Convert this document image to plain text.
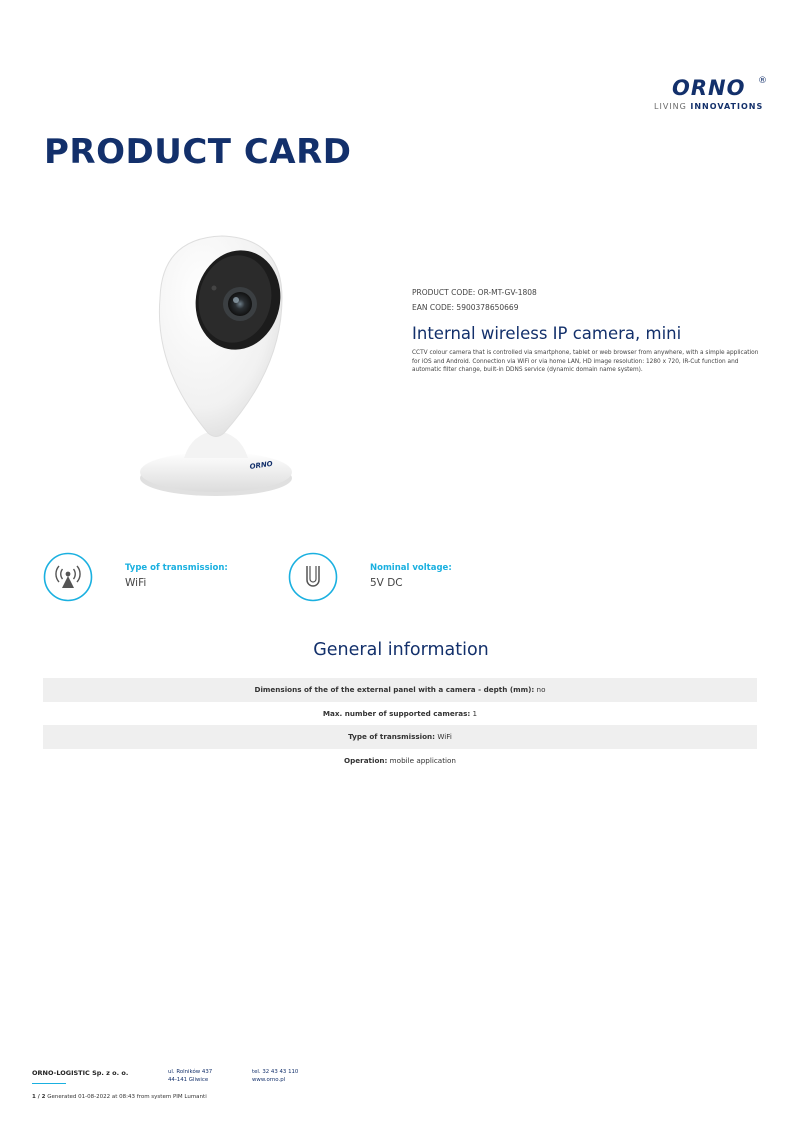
ORNO ®
LIVING INNOVATIONS
PRODUCT CARD
ORNO
PRODUCT CODE: OR-MT-GV-1808
EAN CODE: 5900378650669
Internal wireless IP camera, mini
CCTV colour camera that is controlled via smartphone, tablet or web browser from anywhere, with a simple application for iOS and Android. Connection via WiFi or via home LAN, HD image resolution: 1280 x 720, IR-Cut function and automatic filter change, built-in DDNS service (dynamic domain name system).
Type of transmission:
WiFi
Nominal voltage:
5V DC
General information
Dimensions of the of the external panel with a camera - depth (mm): no
Max. number of supported cameras: 1
Type of transmission: WiFi
Operation: mobile application
ORNO-LOGISTIC Sp. z o. o.	ul. Rolników 437
44-141 Gliwice
tel. 32 43 43 110
www.orno.pl
1 / 2 Generated 01-08-2022 at 08:43 from system PIM Lumanti
